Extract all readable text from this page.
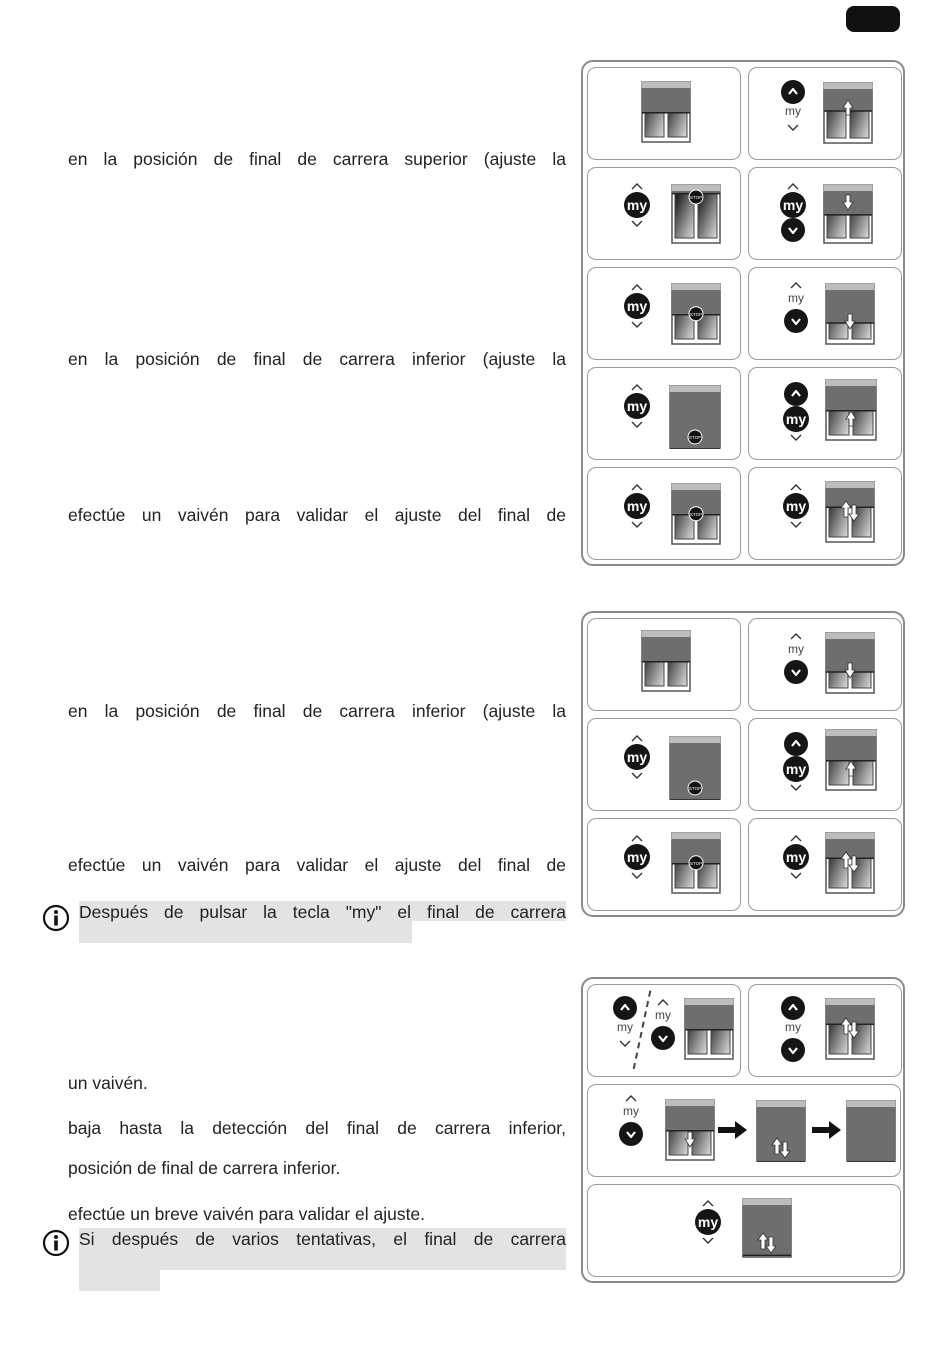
en la posición de final de carrera superior (ajuste la
en la posición de final de carrera inferior (ajuste la
efectúe un vaivén para validar el ajuste del final de
en la posición de final de carrera inferior (ajuste la
efectúe un vaivén para validar el ajuste del final de
Después de pulsar la tecla "my" el final de carrera
un vaivén.
baja hasta la detección del final de carrera inferior,
posición de final de carrera inferior.
efectúe un breve vaivén para validar el ajuste.
Si después de varios tentativas, el final de carrera
my
my	STOP	my
my
STOP
my
my
STOP
my
my
STOP
my
my
my
STOP
my
my	STOP	my
my
my
my
my
my
